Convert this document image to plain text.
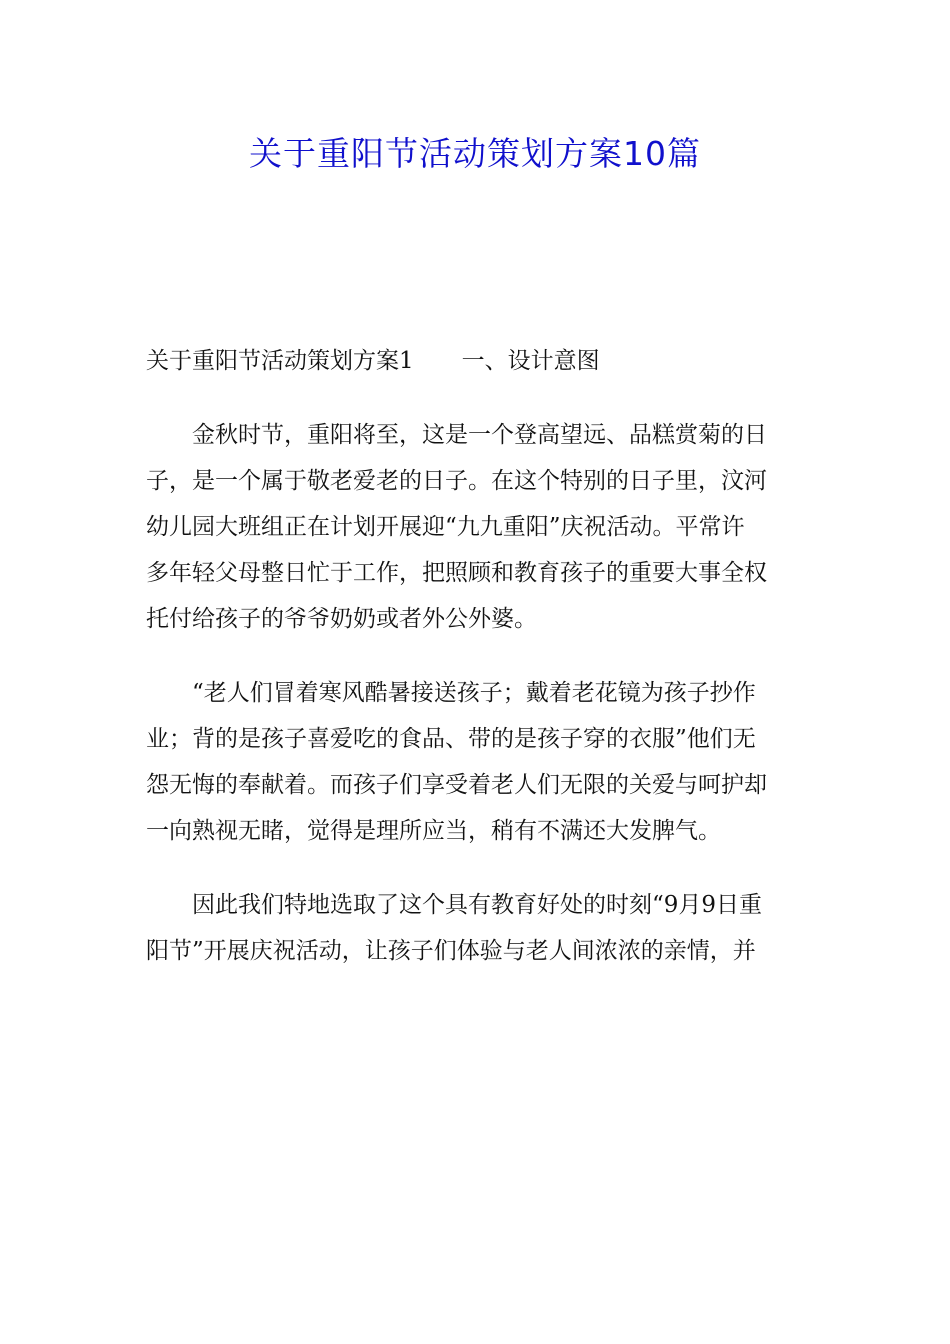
关于重阳节活动策划方案10篇
关于重阳节活动策划方案1 一、设计意图
金秋时节，重阳将至，这是一个登高望远、品糕赏菊的日
子，是一个属于敬老爱老的日子。在这个特别的日子里，汶河
幼儿园大班组正在计划开展迎“九九重阳”庆祝活动。平常许
多年轻父母整日忙于工作，把照顾和教育孩子的重要大事全权
托付给孩子的爷爷奶奶或者外公外婆。
“老人们冒着寒风酷暑接送孩子；戴着老花镜为孩子抄作
业；背的是孩子喜爱吃的食品、带的是孩子穿的衣服”他们无
怨无悔的奉献着。而孩子们享受着老人们无限的关爱与呵护却
一向熟视无睹，觉得是理所应当，稍有不满还大发脾气。
因此我们特地选取了这个具有教育好处的时刻“9月9日重
阳节”开展庆祝活动，让孩子们体验与老人间浓浓的亲情，并
